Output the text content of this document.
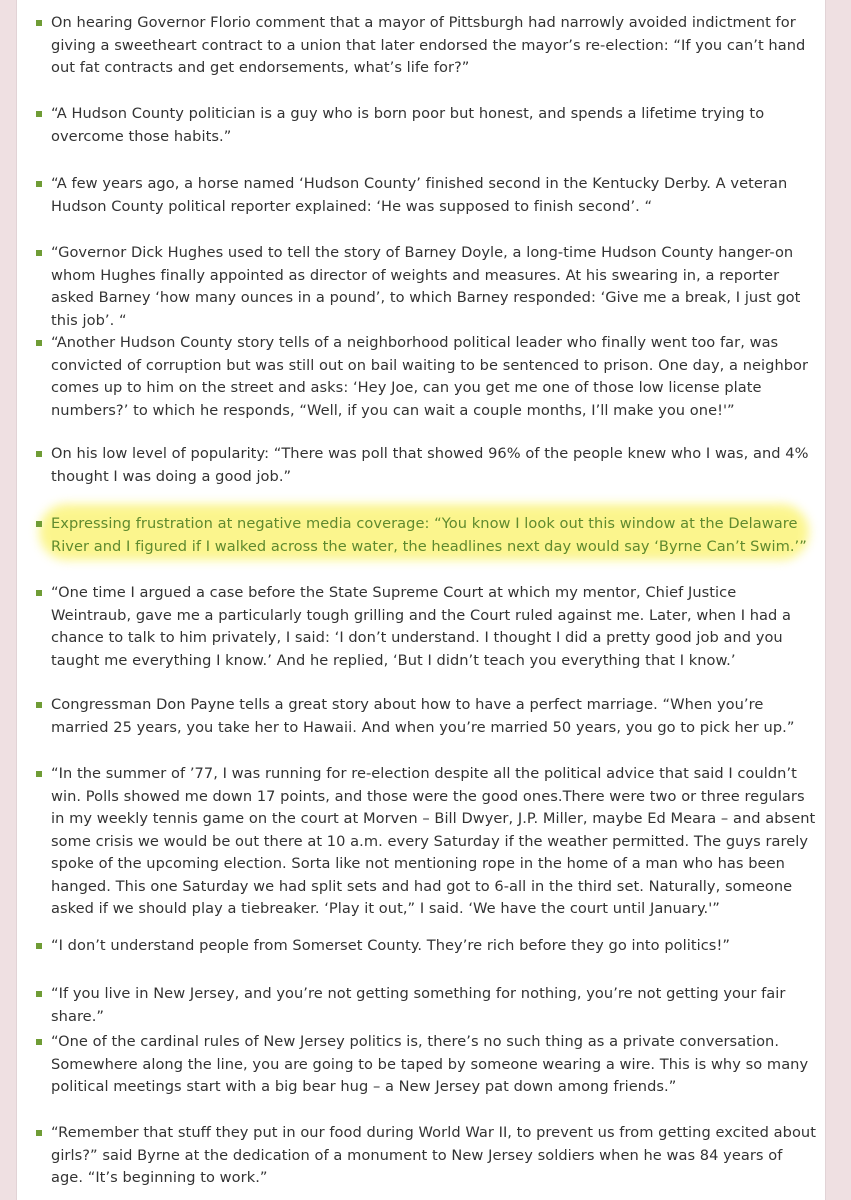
On hearing Governor Florio comment that a mayor of Pittsburgh had narrowly avoided indictment for giving a sweetheart contract to a union that later endorsed the mayor’s re-election: “If you can’t hand out fat contracts and get endorsements, what’s life for?”
“A Hudson County politician is a guy who is born poor but honest, and spends a lifetime trying to overcome those habits.”
“A few years ago, a horse named ‘Hudson County’ finished second in the Kentucky Derby. A veteran Hudson County political reporter explained: ‘He was supposed to finish second’. “
“Governor Dick Hughes used to tell the story of Barney Doyle, a long-time Hudson County hanger-on whom Hughes finally appointed as director of weights and measures. At his swearing in, a reporter asked Barney ‘how many ounces in a pound’, to which Barney responded: ‘Give me a break, I just got this job’. “
“Another Hudson County story tells of a neighborhood political leader who finally went too far, was convicted of corruption but was still out on bail waiting to be sentenced to prison. One day, a neighbor comes up to him on the street and asks: ‘Hey Joe, can you get me one of those low license plate numbers?’ to which he responds, “Well, if you can wait a couple months, I’ll make you one!'”
On his low level of popularity: “There was poll that showed 96% of the people knew who I was, and 4% thought I was doing a good job.”
Expressing frustration at negative media coverage: “You know I look out this window at the Delaware River and I figured if I walked across the water, the headlines next day would say ‘Byrne Can’t Swim.’”
“One time I argued a case before the State Supreme Court at which my mentor, Chief Justice Weintraub, gave me a particularly tough grilling and the Court ruled against me. Later, when I had a chance to talk to him privately, I said: ‘I don’t understand. I thought I did a pretty good job and you taught me everything I know.’ And he replied, ‘But I didn’t teach you everything that I know.’
Congressman Don Payne tells a great story about how to have a perfect marriage. “When you’re married 25 years, you take her to Hawaii. And when you’re married 50 years, you go to pick her up.”
“In the summer of ’77, I was running for re-election despite all the political advice that said I couldn’t win. Polls showed me down 17 points, and those were the good ones.There were two or three regulars in my weekly tennis game on the court at Morven – Bill Dwyer, J.P. Miller, maybe Ed Meara – and absent some crisis we would be out there at 10 a.m. every Saturday if the weather permitted. The guys rarely spoke of the upcoming election. Sorta like not mentioning rope in the home of a man who has been hanged. This one Saturday we had split sets and had got to 6-all in the third set. Naturally, someone asked if we should play a tiebreaker. ‘Play it out,” I said. ‘We have the court until January.'”
“I don’t understand people from Somerset County. They’re rich before they go into politics!”
“If you live in New Jersey, and you’re not getting something for nothing, you’re not getting your fair share.”
“One of the cardinal rules of New Jersey politics is, there’s no such thing as a private conversation. Somewhere along the line, you are going to be taped by someone wearing a wire. This is why so many political meetings start with a big bear hug – a New Jersey pat down among friends.”
“Remember that stuff they put in our food during World War II, to prevent us from getting excited about girls?” said Byrne at the dedication of a monument to New Jersey soldiers when he was 84 years of age. “It’s beginning to work.”
